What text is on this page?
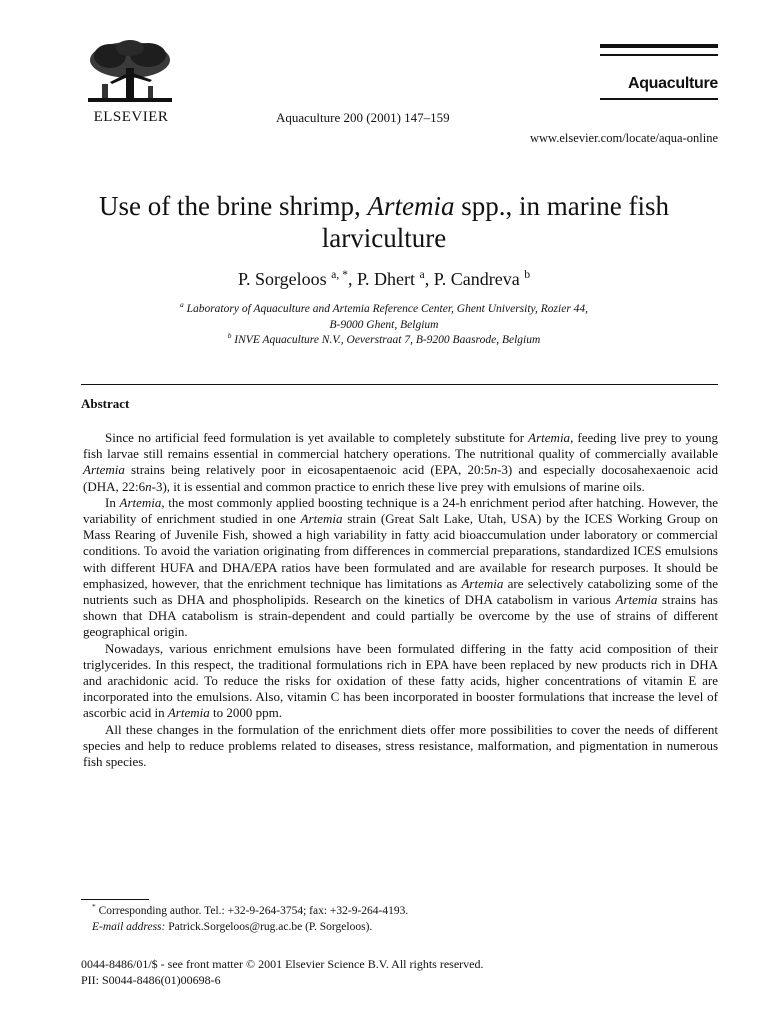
ELSEVIER	Aquaculture 200 (2001) 147–159
Aquaculture
www.elsevier.com/locate/aqua-online
Use of the brine shrimp, Artemia spp., in marine fish larviculture
P. Sorgeloos $^{a, *}$, P. Dhert $^a$, P. Candreva $^b$
$^a$ Laboratory of Aquaculture and Artemia Reference Center, Ghent University, Rozier 44,
B-9000 Ghent, Belgium
$^b$ INVE Aquaculture N.V., Oeverstraat 7, B-9200 Baasrode, Belgium
Abstract

Since no artificial feed formulation is yet available to completely substitute for Artemia, feeding live prey to young fish larvae still remains essential in commercial hatchery operations. The nutritional quality of commercially available Artemia strains being relatively poor in eicosapentaenoic acid (EPA, 20:5n-3) and especially docosahexaenoic acid (DHA, 22:6n-3), it is essential and common practice to enrich these live prey with emulsions of marine oils.

In Artemia, the most commonly applied boosting technique is a 24-h enrichment period after hatching. However, the variability of enrichment studied in one Artemia strain (Great Salt Lake, Utah, USA) by the ICES Working Group on Mass Rearing of Juvenile Fish, showed a high variability in fatty acid bioaccumulation under laboratory or commercial conditions. To avoid the variation originating from differences in commercial preparations, standardized ICES emulsions with different HUFA and DHA/EPA ratios have been formulated and are available for research purposes. It should be emphasized, however, that the enrichment technique has limitations as Artemia are selectively catabolizing some of the nutrients such as DHA and phospholipids. Research on the kinetics of DHA catabolism in various Artemia strains has shown that DHA catabolism is strain-dependent and could partially be overcome by the use of strains of different geographical origin.

Nowadays, various enrichment emulsions have been formulated differing in the fatty acid composition of their triglycerides. In this respect, the traditional formulations rich in EPA have been replaced by new products rich in DHA and arachidonic acid. To reduce the risks for oxidation of these fatty acids, higher concentrations of vitamin E are incorporated into the emulsions. Also, vitamin C has been incorporated in booster formulations that increase the level of ascorbic acid in Artemia to 2000 ppm.

All these changes in the formulation of the enrichment diets offer more possibilities to cover the needs of different species and help to reduce problems related to diseases, stress resistance, malformation, and pigmentation in numerous fish species.

* Corresponding author. Tel.: +32-9-264-3754; fax: +32-9-264-4193.
E-mail address: Patrick.Sorgeloos@rug.ac.be (P. Sorgeloos).
0044-8486/01/$ - see front matter © 2001 Elsevier Science B.V. All rights reserved.
PII: S0044-8486(01)00698-6
